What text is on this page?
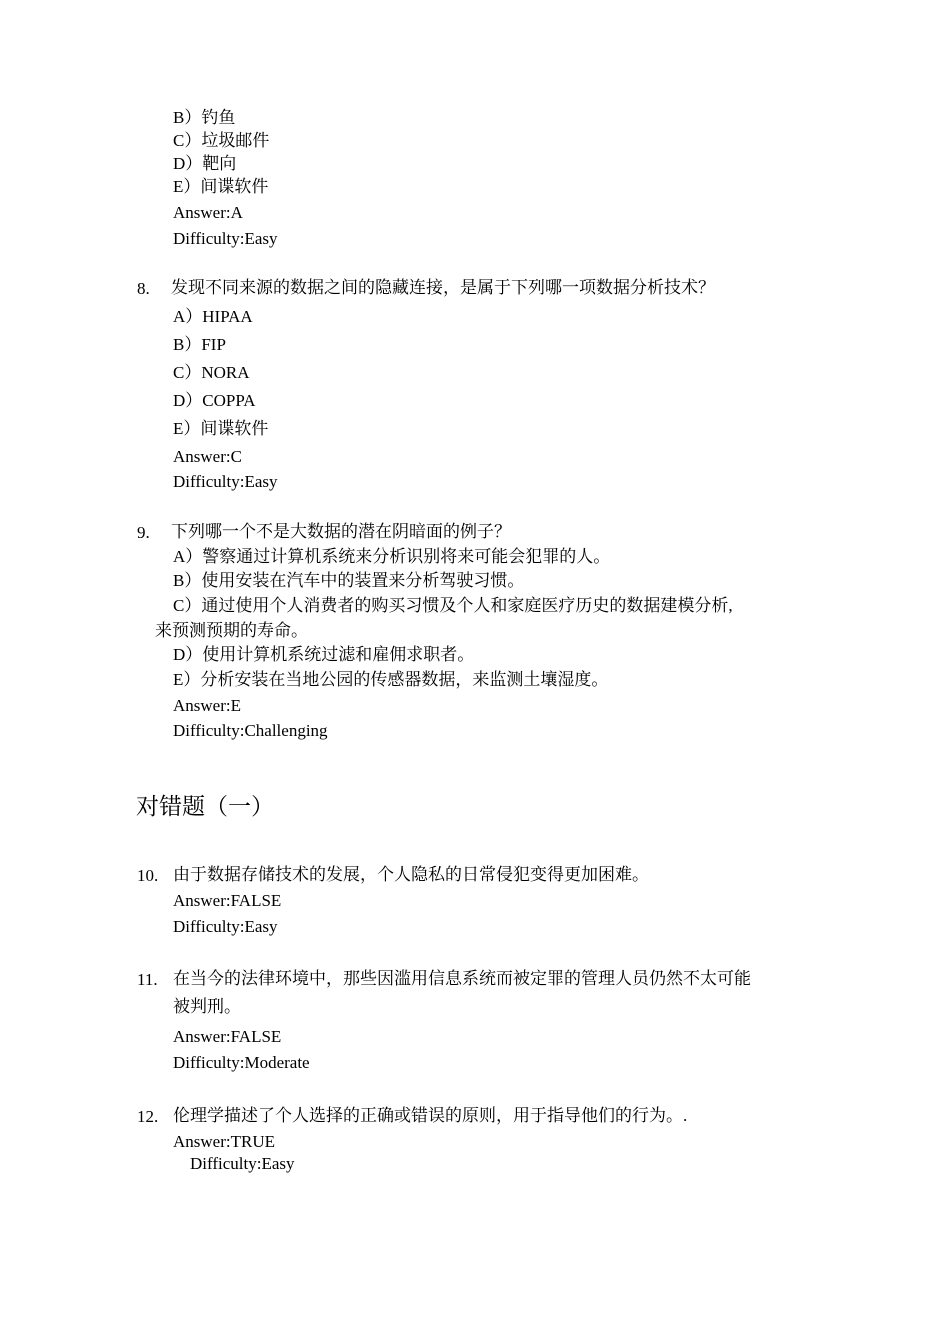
B）钓鱼
C）垃圾邮件
D）靶向
E）间谍软件
Answer:A
Difficulty:Easy
8. 发现不同来源的数据之间的隐藏连接，是属于下列哪一项数据分析技术？
A）HIPAA
B）FIP
C）NORA
D）COPPA
E）间谍软件
Answer:C
Difficulty:Easy
9. 下列哪一个不是大数据的潜在阴暗面的例子？
A）警察通过计算机系统来分析识别将来可能会犯罪的人。
B）使用安装在汽车中的装置来分析驾驶习惯。
C）通过使用个人消费者的购买习惯及个人和家庭医疗历史的数据建模分析,
来预测预期的寿命。
D）使用计算机系统过滤和雇佣求职者。
E）分析安装在当地公园的传感器数据，来监测土壤湿度。
Answer:E
Difficulty:Challenging
对错题（一）
10. 由于数据存储技术的发展，个人隐私的日常侵犯变得更加困难。
Answer:FALSE
Difficulty:Easy
11. 在当今的法律环境中，那些因滥用信息系统而被定罪的管理人员仍然不太可能
被判刑。
Answer:FALSE
Difficulty:Moderate
12. 伦理学描述了个人选择的正确或错误的原则，用于指导他们的行为。.
Answer:TRUE
Difficulty:Easy
